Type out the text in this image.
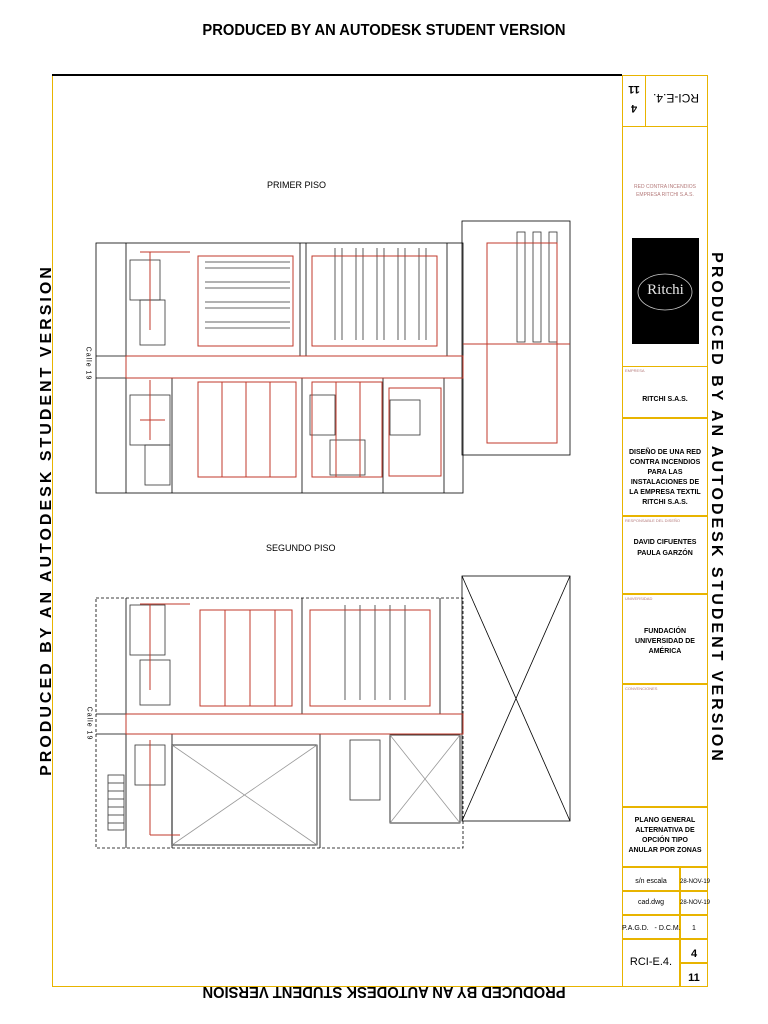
PRODUCED BY AN AUTODESK STUDENT VERSION
PRODUCED BY AN AUTODESK STUDENT VERSION
PRODUCED BY AN AUTODESK STUDENT VERSION	PRODUCED BY AN AUTODESK STUDENT VERSION
RCI-E.4.
4
11
RED CONTRA INCENDIOS EMPRESA RITCHI S.A.S.
Ritchi
EMPRESA
RITCHI S.A.S.
DISEÑO DE UNA RED CONTRA INCENDIOS PARA LAS INSTALACIONES DE LA EMPRESA TEXTIL RITCHI S.A.S.
RESPONSABLE DEL DISEÑO
DAVID CIFUENTES
PAULA GARZÓN
UNIVERSIDAD
FUNDACIÓN UNIVERSIDAD DE AMÉRICA
CONVENCIONES
PLANO GENERAL ALTERNATIVA DE OPCIÓN TIPO ANULAR POR ZONAS
s/n escala	28-NOV-19
cad.dwg	28-NOV-19
P.A.G.D.   - D.C.M.	1
RCI-E.4.
4
11
PRIMER PISO
SEGUNDO PISO
Calle 19
Calle 19
